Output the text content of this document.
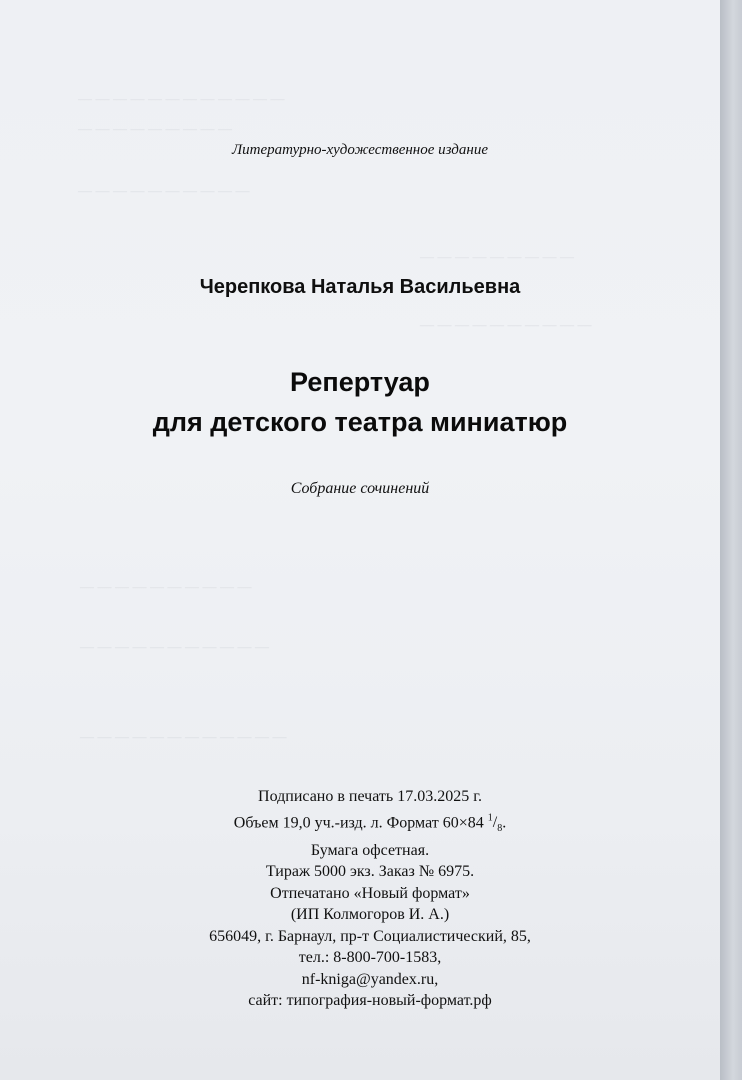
— — — — — — — — — — — —
— — — — — — — — —
— — — — — — — — — —
— — — — — — — — —
— — — — — — — — — —
— — — — — — — — — —
— — — — — — — — — — —
— — — — — — — — — — — —
Литературно-художественное издание
Черепкова Наталья Васильевна
Репертуар
для детского театра миниатюр
Собрание сочинений
Подписано в печать 17.03.2025 г.
Объем 19,0 уч.-изд. л. Формат 60×84 $^1/_8$.
Бумага офсетная.
Тираж 5000 экз. Заказ № 6975.
Отпечатано «Новый формат»
(ИП Колмогоров И. А.)
656049, г. Барнаул, пр-т Социалистический, 85,
тел.: 8-800-700-1583,
nf-kniga@yandex.ru,
сайт: типография-новый-формат.рф
